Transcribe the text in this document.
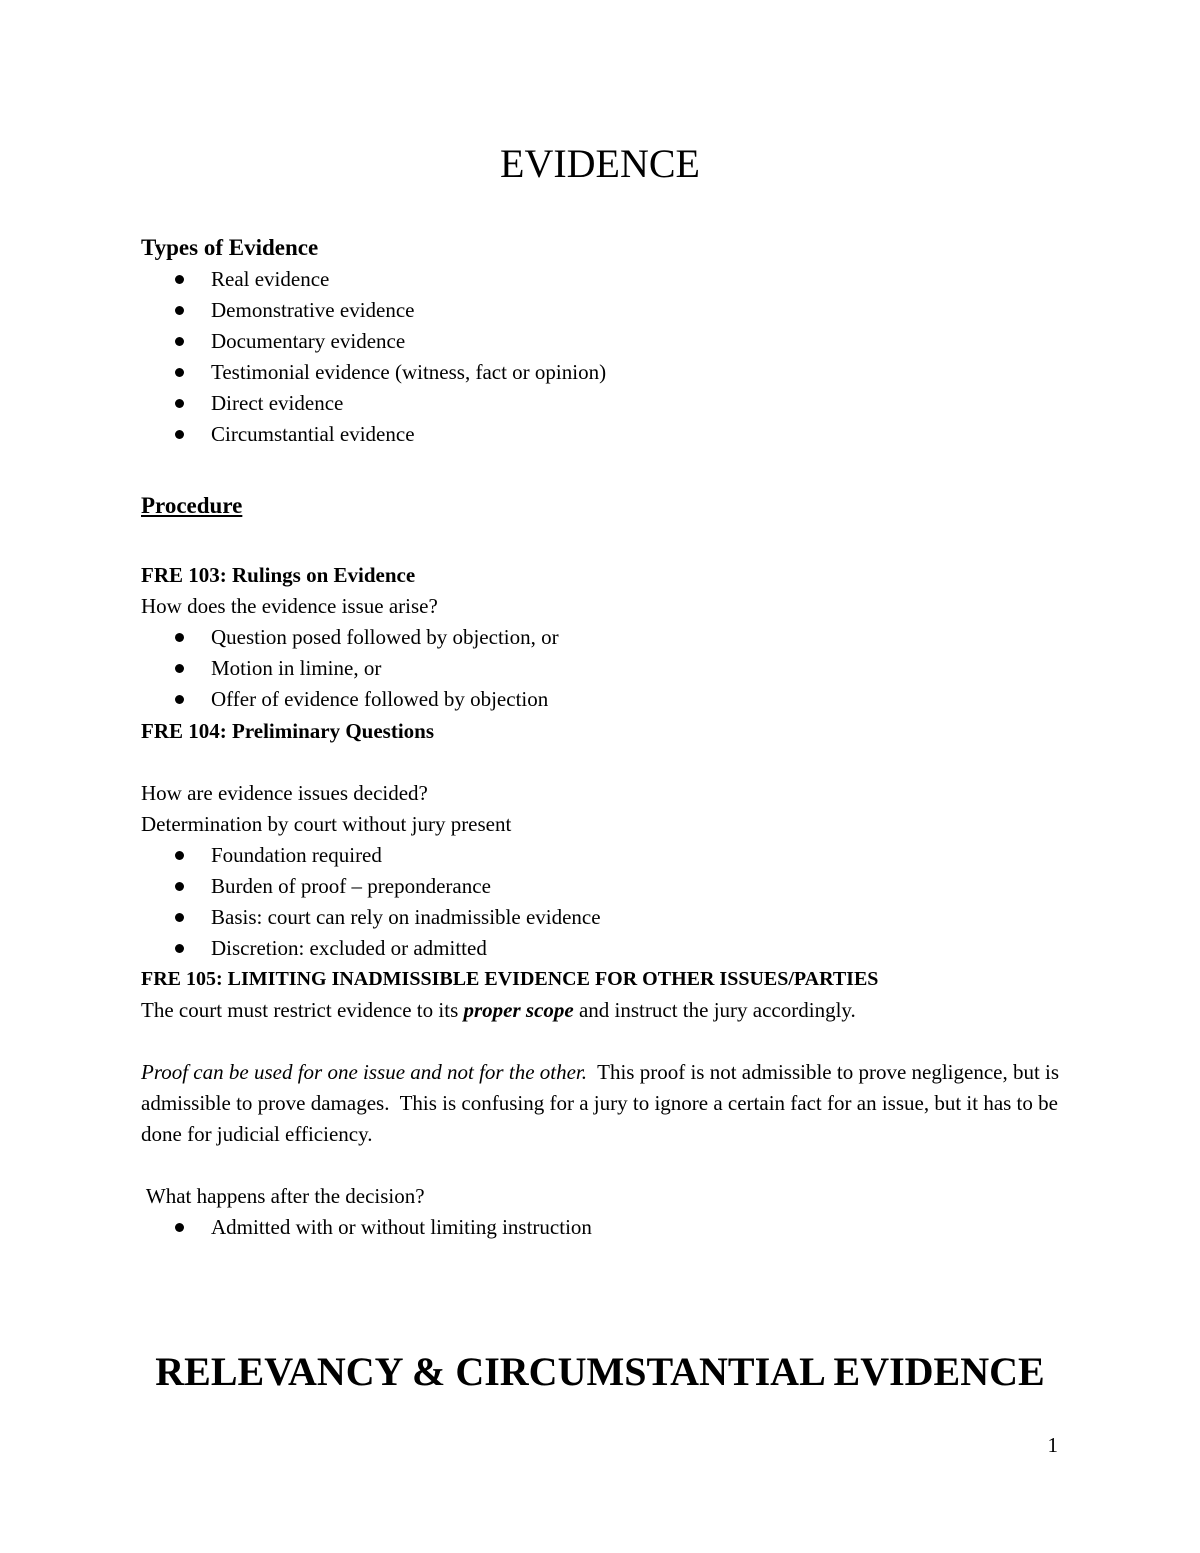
EVIDENCE
Types of Evidence
Real evidence
Demonstrative evidence
Documentary evidence
Testimonial evidence (witness, fact or opinion)
Direct evidence
Circumstantial evidence
Procedure
FRE 103: Rulings on Evidence
How does the evidence issue arise?
Question posed followed by objection, or
Motion in limine, or
Offer of evidence followed by objection
FRE 104: Preliminary Questions
How are evidence issues decided?
Determination by court without jury present
Foundation required
Burden of proof – preponderance
Basis: court can rely on inadmissible evidence
Discretion: excluded or admitted
FRE 105: LIMITING INADMISSIBLE EVIDENCE FOR OTHER ISSUES/PARTIES
The court must restrict evidence to its proper scope and instruct the jury accordingly.
Proof can be used for one issue and not for the other.  This proof is not admissible to prove negligence, but is admissible to prove damages.  This is confusing for a jury to ignore a certain fact for an issue, but it has to be done for judicial efficiency.
What happens after the decision?
Admitted with or without limiting instruction
RELEVANCY & CIRCUMSTANTIAL EVIDENCE
1
